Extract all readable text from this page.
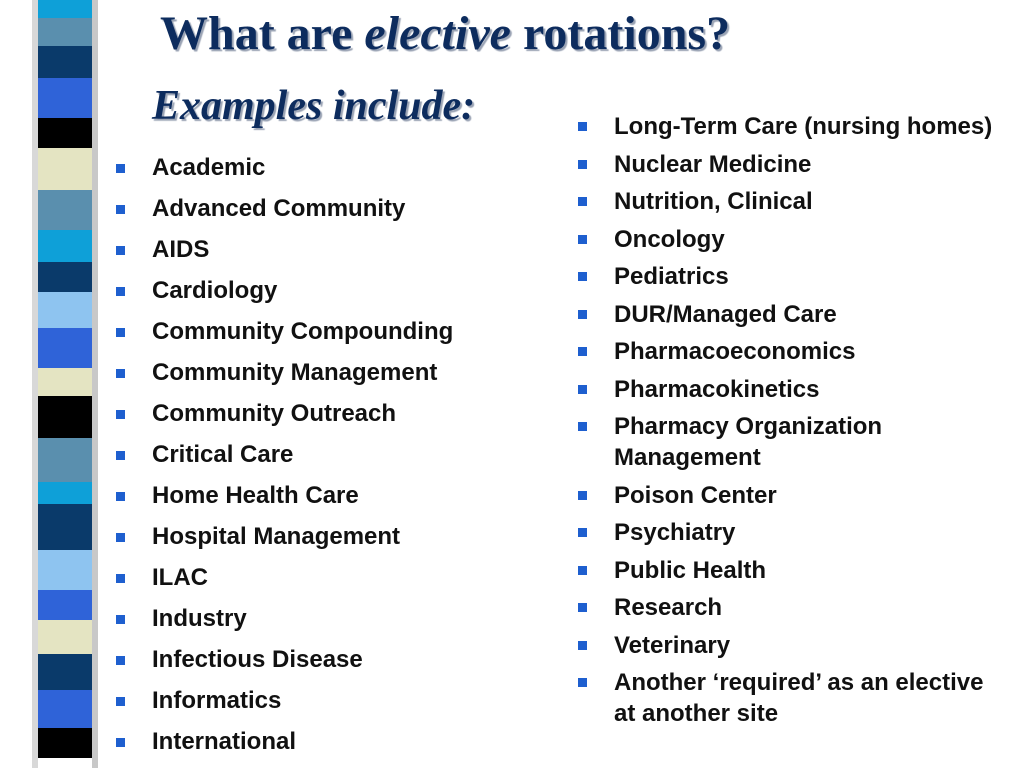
What are elective rotations?
Examples include:
Academic
Advanced Community
AIDS
Cardiology
Community Compounding
Community Management
Community Outreach
Critical Care
Home Health Care
Hospital Management
ILAC
Industry
Infectious Disease
Informatics
International
Long-Term Care (nursing homes)
Nuclear Medicine
Nutrition, Clinical
Oncology
Pediatrics
DUR/Managed Care
Pharmacoeconomics
Pharmacokinetics
Pharmacy Organization Management
Poison Center
Psychiatry
Public Health
Research
Veterinary
Another ‘required’ as an elective at another site
